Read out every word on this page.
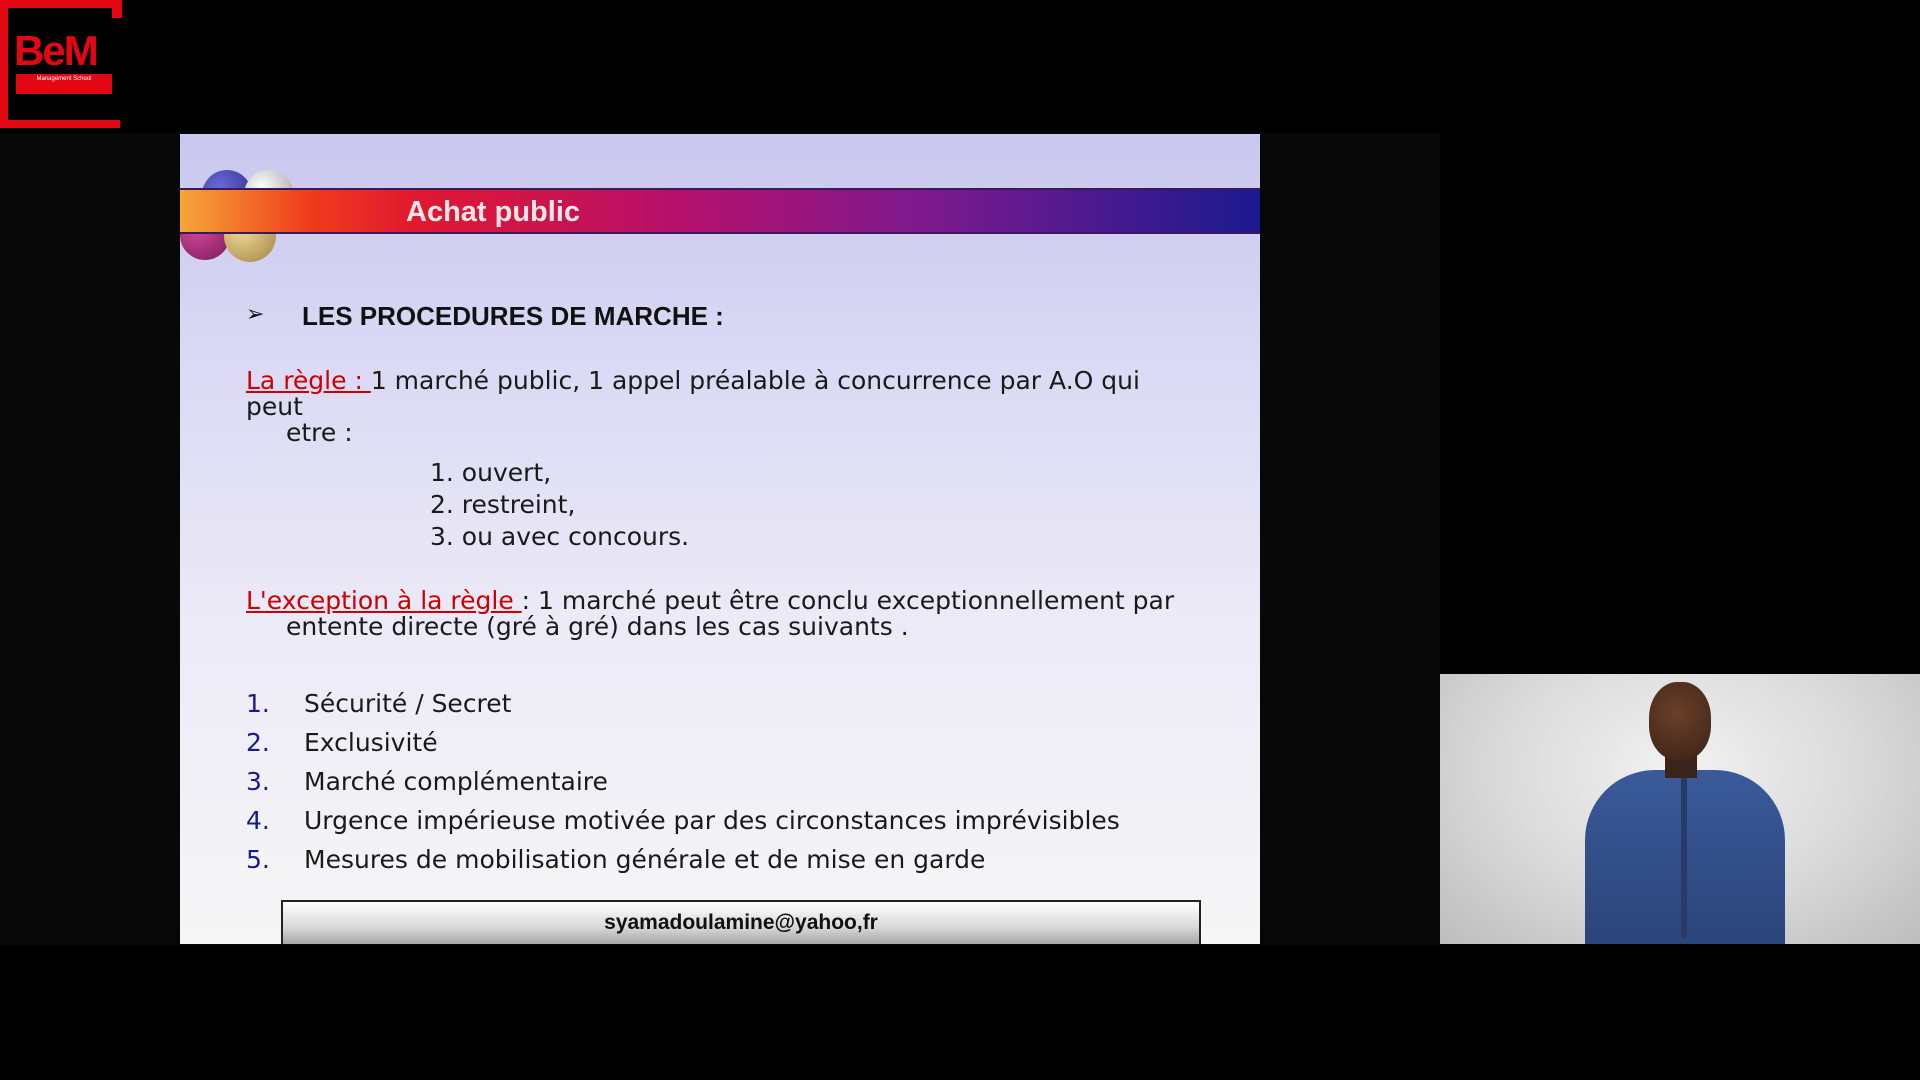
BeM
Management School
Achat public
➢ LES PROCEDURES DE MARCHE :
La règle : 1 marché public, 1 appel préalable à concurrence par A.O qui peut
etre :
1. ouvert,
2. restreint,
3. ou avec concours.
L'exception à la règle : 1 marché peut être conclu exceptionnellement par
entente directe (gré à gré) dans les cas suivants .
1. Sécurité / Secret
2. Exclusivité
3. Marché complémentaire
4. Urgence impérieuse motivée par des circonstances imprévisibles
5. Mesures de mobilisation générale et de mise en garde
syamadoulamine@yahoo,fr
